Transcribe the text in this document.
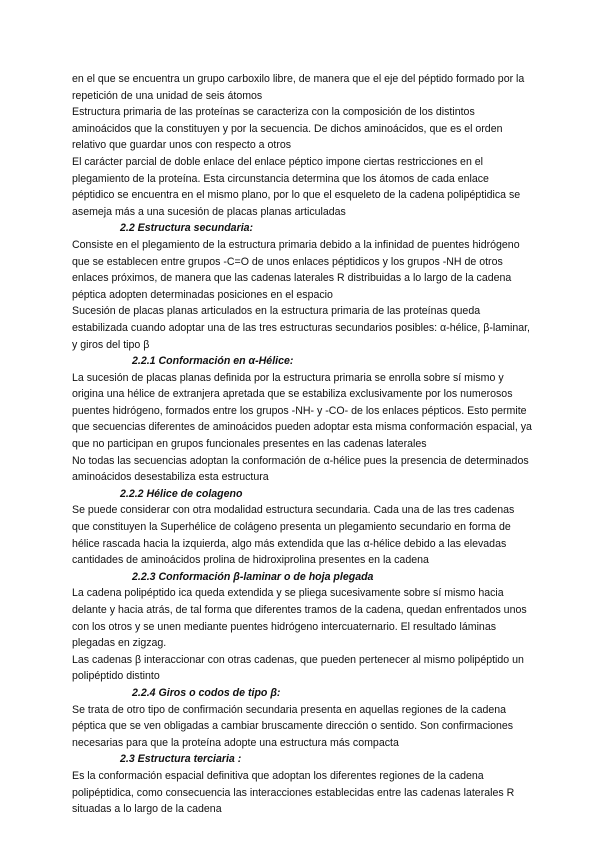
en el que se encuentra un grupo carboxilo libre, de manera que el eje del péptido formado por la repetición de una unidad de seis átomos

Estructura primaria de las proteínas se caracteriza con la composición de los distintos aminoácidos que la constituyen y por la secuencia. De dichos aminoácidos, que es el orden relativo que guardar unos con respecto a otros

El carácter parcial de doble enlace del enlace péptico impone ciertas restricciones en el plegamiento de la proteína. Esta circunstancia determina que los átomos de cada enlace péptidico se encuentra en el mismo plano, por lo que el esqueleto de la cadena polipéptidica se asemeja más a una sucesión de placas planas articuladas

2.2 Estructura secundaria:

Consiste en el plegamiento de la estructura primaria debido a la infinidad de puentes hidrógeno que se establecen entre grupos -C=O de unos enlaces péptidicos y los grupos -NH de otros enlaces próximos, de manera que las cadenas laterales R distribuidas a lo largo de la cadena péptica adopten determinadas posiciones en el espacio

Sucesión de placas planas articulados en la estructura primaria de las proteínas queda estabilizada cuando adoptar una de las tres estructuras secundarios posibles: α-hélice, β-laminar, y giros del tipo β

2.2.1 Conformación en α-Hélice:

La sucesión de placas planas definida por la estructura primaria se enrolla sobre sí mismo y origina una hélice de extranjera apretada que se estabiliza exclusivamente por los numerosos puentes hidrógeno, formados entre los grupos -NH- y -CO- de los enlaces pépticos. Esto permite que secuencias diferentes de aminoácidos pueden adoptar esta misma conformación espacial, ya que no participan en grupos funcionales presentes en las cadenas laterales

No todas las secuencias adoptan la conformación de α-hélice pues la presencia de determinados aminoácidos desestabiliza esta estructura

2.2.2 Hélice de colageno

Se puede considerar con otra modalidad estructura secundaria. Cada una de las tres cadenas que constituyen la Superhélice de colágeno presenta un plegamiento secundario en forma de hélice rascada hacia la izquierda, algo más extendida que las α-hélice debido a las elevadas cantidades de aminoácidos prolina de hidroxiprolina presentes en la cadena

2.2.3 Conformación β-laminar o de hoja plegada

La cadena polipéptido ica queda extendida y se pliega sucesivamente sobre sí mismo hacia delante y hacia atrás, de tal forma que diferentes tramos de la cadena, quedan enfrentados unos con los otros y se unen mediante puentes hidrógeno intercuaternario. El resultado láminas plegadas en zigzag.

Las cadenas β interaccionar con otras cadenas, que pueden pertenecer al mismo polipéptido un polipéptido distinto

2.2.4 Giros o codos de tipo β:

Se trata de otro tipo de confirmación secundaria presenta en aquellas regiones de la cadena péptica que se ven obligadas a cambiar bruscamente dirección o sentido. Son confirmaciones necesarias para que la proteína adopte una estructura más compacta

2.3 Estructura terciaria :

Es la conformación espacial definitiva que adoptan los diferentes regiones de la cadena polipéptidica, como consecuencia las interacciones establecidas entre las cadenas laterales R situadas a lo largo de la cadena
